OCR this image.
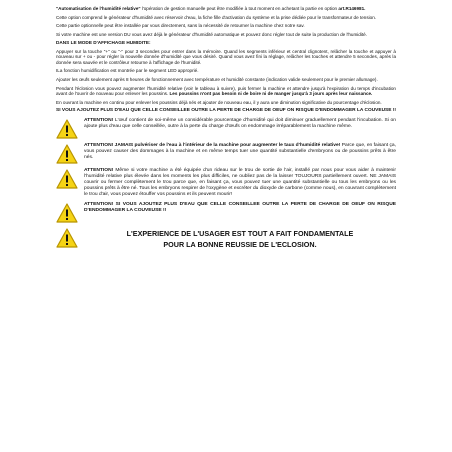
"Automatisation de l'humidité relative" l'opération de gestion manuelle peut être modifiée à tout moment en achetant la partie en option art.R146981.

Cette option comprend le générateur d'humidité avec réservoir d'eau, la fiche fille d'activation du système et la prise dédiée pour le transformateur de tension.

Cette partie optionnelle peut être installée par vous directement, sans la nécessité de retourner la machine chez notre sav.

Si votre machine est une version DU vous avez déjà le générateur d'humidité automatique et pouvez donc régler tout de suite la production de l'humidité.

DANS LE MODE D'AFFICHAGE HUMIDITE:

Appuyer sur la touche "+" ou "-" pour 3 secondes pour entrer dans la mémoire. Quand les segments inférieur et central clignotent, relâcher la touche et appuyer à nouveau sur + ou - pour régler la nouvelle donnée d'humidité que vous désiré. Quand vous avez fini la réglage, relâcher les touches et attendre 5 secondes, après la donnée sera sauvée et le contrôleur retourne à l'affichage de l'humidité.

ILa fonction humidification est montrée par le segment LED approprié.

Ajouter les œufs seulement après 8 heures de fonctionnement avec température et humidité constante (indication valide seulement pour le premier allumage).

Pendant l'éclosion vous pouvez augmenter l'humidité relative (voir le tableau à suivre), puis fermer la machine et attendre jusqu'à l'expiration du temps d'incubation avant de l'ouvrir de nouveau pour enlever les poussins. Les poussins n'ont pas besoin ni de boire ni de manger jusqu'à 3 jours après leur naissance.

En ouvrant la machine en continu pour enlever les poussins déjà nés et ajouter de nouveau eau, il y aura une diminution significative du pourcentage d'éclosion.

SI VOUS AJOUTEZ PLUS D'EAU QUE CELLE CONSEILLEE OUTRE LA PERTE DE CHARGE DE OEUF ON RISQUE D'ENDOMMAGER LA COUVEUSE !!
ATTENTION! L'œuf contient de soi-même un considérable pourcentage d'humidité qui doit diminuer graduellement pendant l'incubation. Si on ajoute plus d'eau que celle conseillée, outre à la perte du charge d'œufs on endommage irréparablement la machine même.
ATTENTION! JAMAIS pulvériser de l'eau à l'intérieur de la machine pour augmenter le taux d'humidité relative! Parce que, en faisant ça, vous pouvez causer des dommages à la machine et en même temps tuer une quantité substantielle d'embryons ou de poussins prêts à être nés.
ATTENTION! Même si votre machine a été équipée d'un rideau sur le trou de sortie de l'air, installé par nous pour vous aider à maintenir l'humidité relative plus élevée dans les moments les plus difficiles, ne oubliez pas de la laisser TOUJOURS partiellement ouvert. NE JAMAIS couvrir ou fermer complètement le trou parce que, en faisant ça, vous pouvez tuer une quantité substantielle ou tous les embryons ou les poussins prêts à être né. Tous les embryons respirer de l'oxygène et excréter du dioxyde de carbone (comme nous), en couvrant complètement le trou d'air, vous pouvez étouffer vos poussins et ils peuvent mourir!
ATTENTION! SI VOUS AJOUTEZ PLUS D'EAU QUE CELLE CONSEILLEE OUTRE LA PERTE DE CHARGE DE OEUF ON RISQUE D'ENDOMMAGER LA COUVEUSE !!
L'EXPERIENCE DE L'USAGER EST TOUT A FAIT FONDAMENTALE
POUR LA BONNE REUSSIE DE L'ECLOSION.
